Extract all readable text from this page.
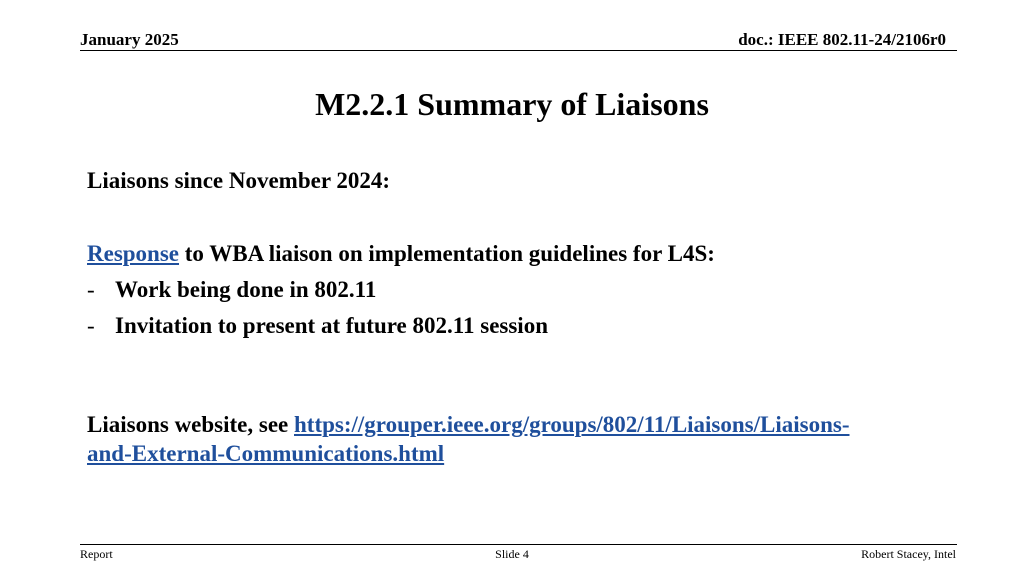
January 2025	doc.: IEEE 802.11-24/2106r0
M2.2.1 Summary of Liaisons

Liaisons since November 2024:

Response to WBA liaison on implementation guidelines for L4S:

- Work being done in 802.11
- Invitation to present at future 802.11 session

Liaisons website, see https://grouper.ieee.org/groups/802/11/Liaisons/Liaisons-
and-External-Communications.html

Report	Slide 4	Robert Stacey, Intel
